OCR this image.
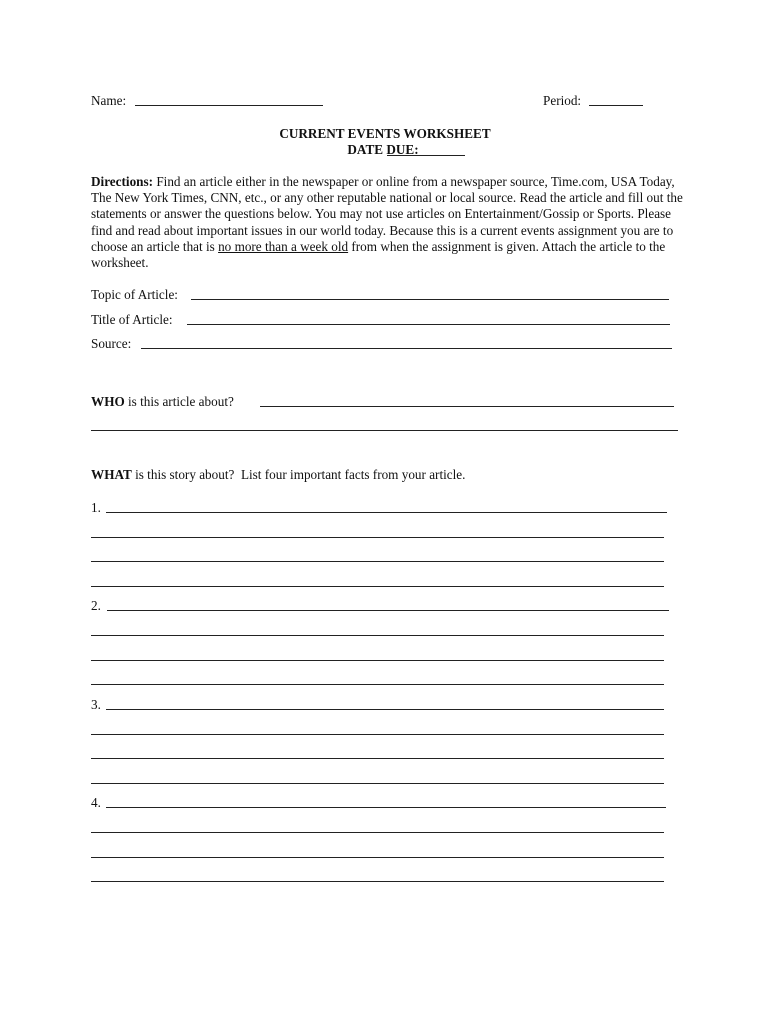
Name:	Period:
CURRENT EVENTS WORKSHEET
DATE DUE:
Directions: Find an article either in the newspaper or online from a newspaper source, Time.com, USA Today, The New York Times, CNN, etc., or any other reputable national or local source. Read the article and fill out the statements or answer the questions below. You may not use articles on Entertainment/Gossip or Sports. Please find and read about important issues in our world today. Because this is a current events assignment you are to choose an article that is no more than a week old from when the assignment is given. Attach the article to the worksheet.
Topic of Article:
Title of Article:
Source:
WHO is this article about?
WHAT is this story about?  List four important facts from your article.
1.
2.
3.
4.
